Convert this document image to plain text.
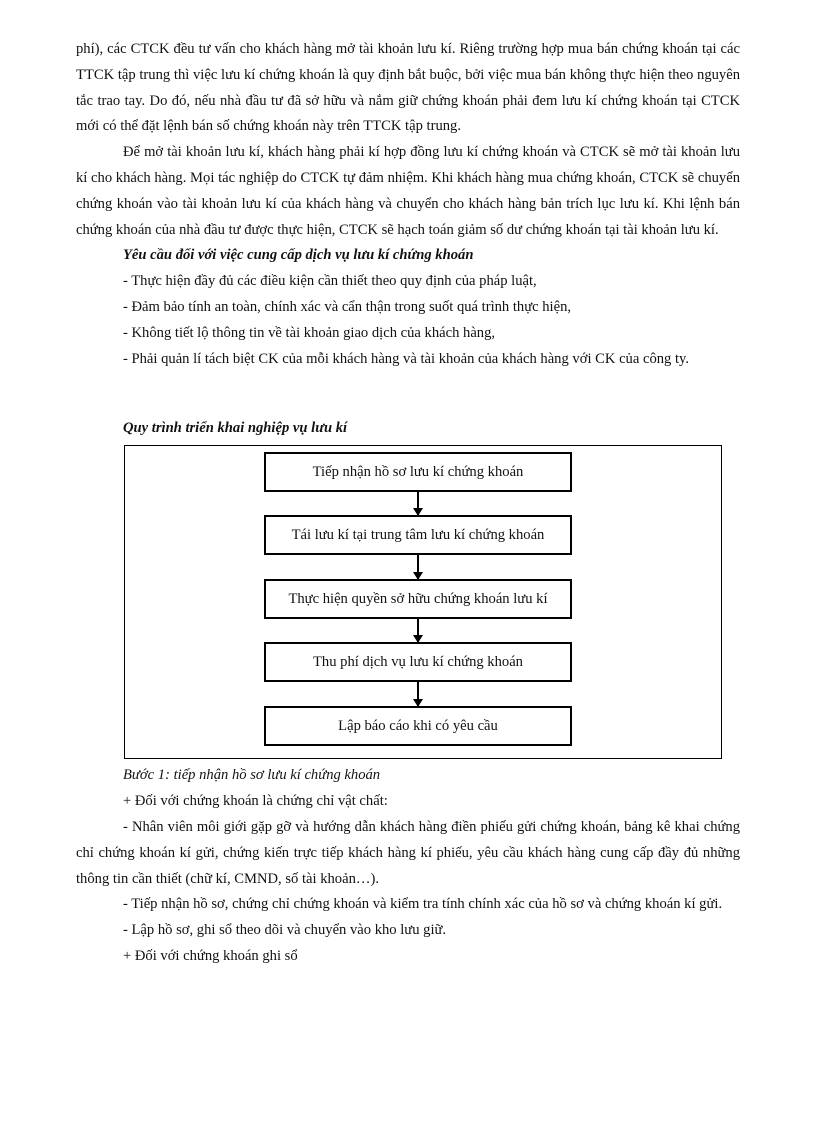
phí), các CTCK đều tư vấn cho khách hàng mở tài khoản lưu kí. Riêng trường hợp mua bán chứng khoán tại các TTCK tập trung thì việc lưu kí chứng khoán là quy định bắt buộc, bởi việc mua bán không thực hiện theo nguyên tắc trao tay. Do đó, nếu nhà đầu tư đã sở hữu và nắm giữ chứng khoán phải đem lưu kí chứng khoán tại CTCK mới có thể đặt lệnh bán số chứng khoán này trên TTCK tập trung.

Để mở tài khoản lưu kí, khách hàng phải kí hợp đồng lưu kí chứng khoán và CTCK sẽ mở tài khoản lưu kí cho khách hàng. Mọi tác nghiệp do CTCK tự đảm nhiệm. Khi khách hàng mua chứng khoán, CTCK sẽ chuyển chứng khoán vào tài khoản lưu kí của khách hàng và chuyển cho khách hàng bản trích lục lưu kí. Khi lệnh bán chứng khoán của nhà đầu tư được thực hiện, CTCK sẽ hạch toán giảm số dư chứng khoán tại tài khoản lưu kí.

Yêu cầu đối với việc cung cấp dịch vụ lưu kí chứng khoán

- Thực hiện đầy đủ các điều kiện cần thiết theo quy định của pháp luật,

- Đảm bảo tính an toàn, chính xác và cẩn thận trong suốt quá trình thực hiện,

- Không tiết lộ thông tin về tài khoản giao dịch của khách hàng,

- Phải quản lí tách biệt CK của mỗi khách hàng và tài khoản của khách hàng với CK của công ty.

Quy trình triển khai nghiệp vụ lưu kí

Tiếp nhận hồ sơ lưu kí chứng khoán
Tái lưu kí tại trung tâm lưu kí chứng khoán
Thực hiện quyền sở hữu chứng khoán lưu kí
Thu phí dịch vụ lưu kí chứng khoán
Lập báo cáo khi có yêu cầu

Bước 1: tiếp nhận hồ sơ lưu kí chứng khoán

+ Đối với chứng khoán là chứng chỉ vật chất:

- Nhân viên môi giới gặp gỡ và hướng dẫn khách hàng điền phiếu gửi chứng khoán, bảng kê khai chứng chỉ chứng khoán kí gửi, chứng kiến trực tiếp khách hàng kí phiếu, yêu cầu khách hàng cung cấp đầy đủ những thông tin cần thiết (chữ kí, CMND, số tài khoản…).

- Tiếp nhận hồ sơ, chứng chỉ chứng khoán và kiểm tra tính chính xác của hồ sơ và chứng khoán kí gửi.

- Lập hồ sơ, ghi sổ theo dõi và chuyển vào kho lưu giữ.

+ Đối với chứng khoán ghi sổ
